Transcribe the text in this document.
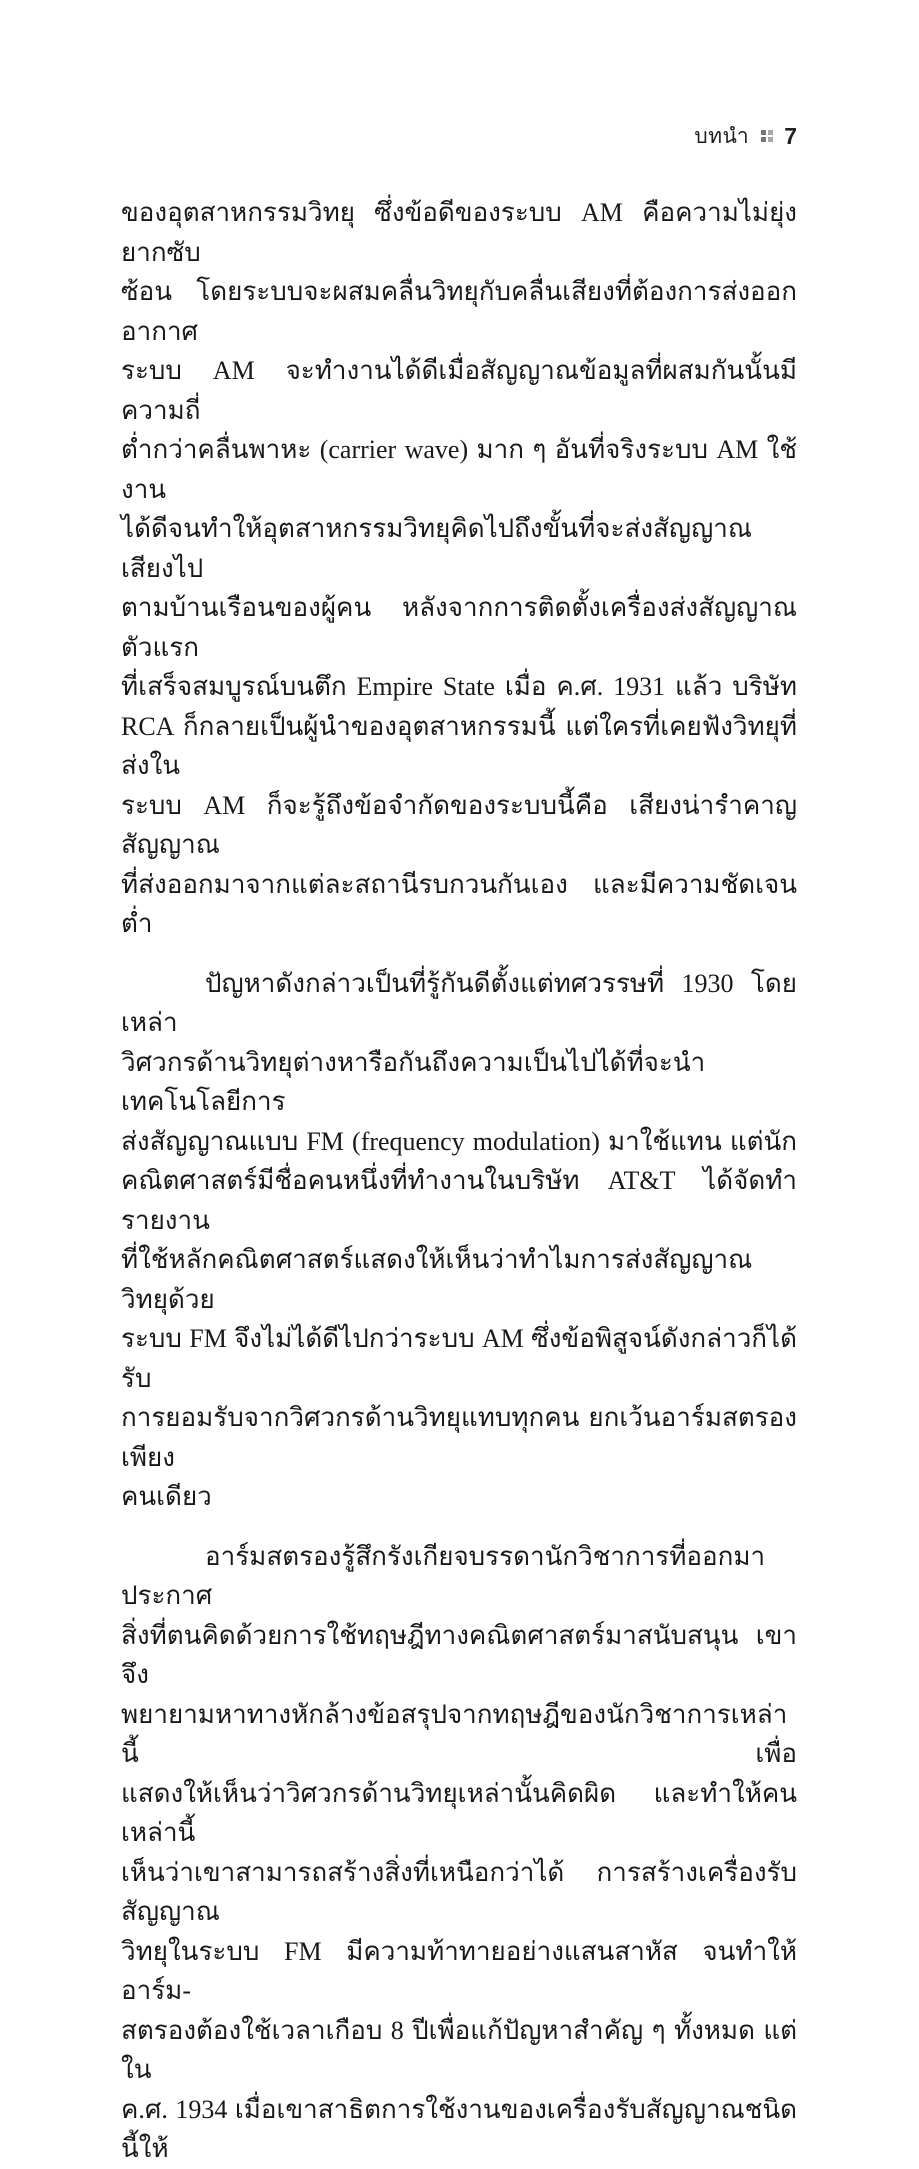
บทนำ 7
ของอุตสาหกรรมวิทยุ ซึ่งข้อดีของระบบ AM คือความไม่ยุ่งยากซับ
ซ้อน โดยระบบจะผสมคลื่นวิทยุกับคลื่นเสียงที่ต้องการส่งออกอากาศ
ระบบ AM จะทำงานได้ดีเมื่อสัญญาณข้อมูลที่ผสมกันนั้นมีความถี่
ต่ำกว่าคลื่นพาหะ (carrier wave) มาก ๆ อันที่จริงระบบ AM ใช้งาน
ได้ดีจนทำให้อุตสาหกรรมวิทยุคิดไปถึงขั้นที่จะส่งสัญญาณเสียงไป
ตามบ้านเรือนของผู้คน หลังจากการติดตั้งเครื่องส่งสัญญาณตัวแรก
ที่เสร็จสมบูรณ์บนตึก Empire State เมื่อ ค.ศ. 1931 แล้ว บริษัท
RCA ก็กลายเป็นผู้นำของอุตสาหกรรมนี้ แต่ใครที่เคยฟังวิทยุที่ส่งใน
ระบบ AM ก็จะรู้ถึงข้อจำกัดของระบบนี้คือ เสียงน่ารำคาญ สัญญาณ
ที่ส่งออกมาจากแต่ละสถานีรบกวนกันเอง และมีความชัดเจนต่ำ
ปัญหาดังกล่าวเป็นที่รู้กันดีตั้งแต่ทศวรรษที่ 1930 โดยเหล่า
วิศวกรด้านวิทยุต่างหารือกันถึงความเป็นไปได้ที่จะนำเทคโนโลยีการ
ส่งสัญญาณแบบ FM (frequency modulation) มาใช้แทน แต่นัก
คณิตศาสตร์มีชื่อคนหนึ่งที่ทำงานในบริษัท AT&T ได้จัดทำรายงาน
ที่ใช้หลักคณิตศาสตร์แสดงให้เห็นว่าทำไมการส่งสัญญาณวิทยุด้วย
ระบบ FM จึงไม่ได้ดีไปกว่าระบบ AM ซึ่งข้อพิสูจน์ดังกล่าวก็ได้รับ
การยอมรับจากวิศวกรด้านวิทยุแทบทุกคน ยกเว้นอาร์มสตรองเพียง
คนเดียว
อาร์มสตรองรู้สึกรังเกียจบรรดานักวิชาการที่ออกมาประกาศ
สิ่งที่ตนคิดด้วยการใช้ทฤษฎีทางคณิตศาสตร์มาสนับสนุน เขาจึง
พยายามหาทางหักล้างข้อสรุปจากทฤษฎีของนักวิชาการเหล่านี้ เพื่อ
แสดงให้เห็นว่าวิศวกรด้านวิทยุเหล่านั้นคิดผิด และทำให้คนเหล่านี้
เห็นว่าเขาสามารถสร้างสิ่งที่เหนือกว่าได้ การสร้างเครื่องรับสัญญาณ
วิทยุในระบบ FM มีความท้าทายอย่างแสนสาหัส จนทำให้อาร์ม-
สตรองต้องใช้เวลาเกือบ 8 ปีเพื่อแก้ปัญหาสำคัญ ๆ ทั้งหมด แต่ใน
ค.ศ. 1934 เมื่อเขาสาธิตการใช้งานของเครื่องรับสัญญาณชนิดนี้ให้
